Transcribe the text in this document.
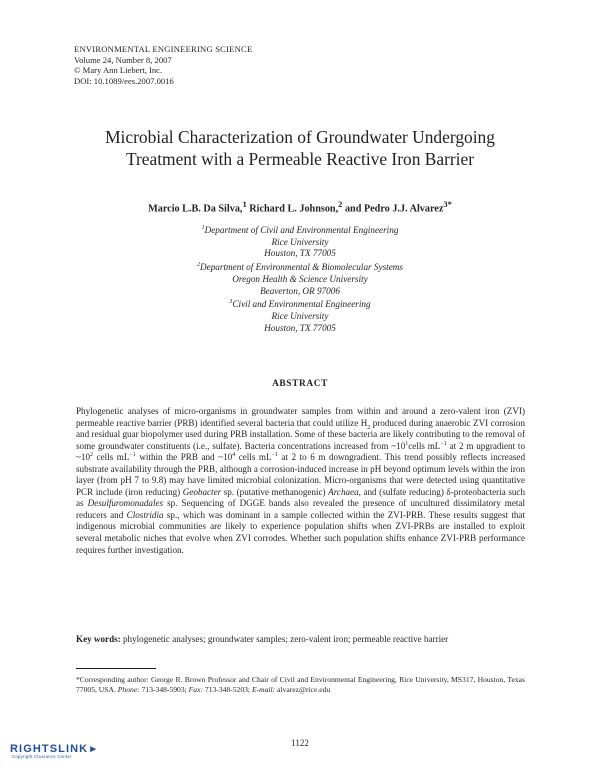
ENVIRONMENTAL ENGINEERING SCIENCE
Volume 24, Number 8, 2007
© Mary Ann Liebert, Inc.
DOI: 10.1089/ees.2007.0016
Microbial Characterization of Groundwater Undergoing
Treatment with a Permeable Reactive Iron Barrier
Marcio L.B. Da Silva,$^1$ Richard L. Johnson,$^2$ and Pedro J.J. Alvarez$^{3*}$
$^1$Department of Civil and Environmental Engineering
Rice University
Houston, TX 77005
$^2$Department of Environmental & Biomolecular Systems
Oregon Health & Science University
Beaverton, OR 97006
$^3$Civil and Environmental Engineering
Rice University
Houston, TX 77005
ABSTRACT
Phylogenetic analyses of micro-organisms in groundwater samples from within and around a zero-valent iron (ZVI) permeable reactive barrier (PRB) identified several bacteria that could utilize $H_2$ produced during anaerobic ZVI corrosion and residual guar biopolymer used during PRB installation. Some of these bacteria are likely contributing to the removal of some groundwater constituents (i.e., sulfate). Bacteria concentrations increased from $\sim 10^1cells$ $mL^{-1}$ at 2 m upgradient to $\sim 10^2$ cells $mL^{-1}$ within the PRB and $\sim 10^4$ cells $mL^{-1}$ at 2 to 6 m downgradient. This trend possibly reflects increased substrate availability through the PRB, although a corrosion-induced increase in pH beyond optimum levels within the iron layer (from pH 7 to 9.8) may have limited microbial colonization. Micro-organisms that were detected using quantitative PCR include (iron reducing) Geobacter sp. (putative methanogenic) Archaea, and (sulfate reducing) δ-proteobacteria such as Desulfuromonadales sp. Sequencing of DGGE bands also revealed the presence of uncultured dissimilatory metal reducers and Clostridia sp., which was dominant in a sample collected within the ZVI-PRB. These results suggest that indigenous microbial communities are likely to experience population shifts when ZVI-PRBs are installed to exploit several metabolic niches that evolve when ZVI corrodes. Whether such population shifts enhance ZVI-PRB performance requires further investigation.
Key words: phylogenetic analyses; groundwater samples; zero-valent iron; permeable reactive barrier
*Corresponding author: George R. Brown Professor and Chair of Civil and Environmental Engineering, Rice University, MS317, Houston, Texas 77005, USA. Phone: 713-348-5903; Fax: 713-348-5203; E-mail: alvarez@rice.edu
1122
RIGHTSLINK►
Copyright Clearance Center
